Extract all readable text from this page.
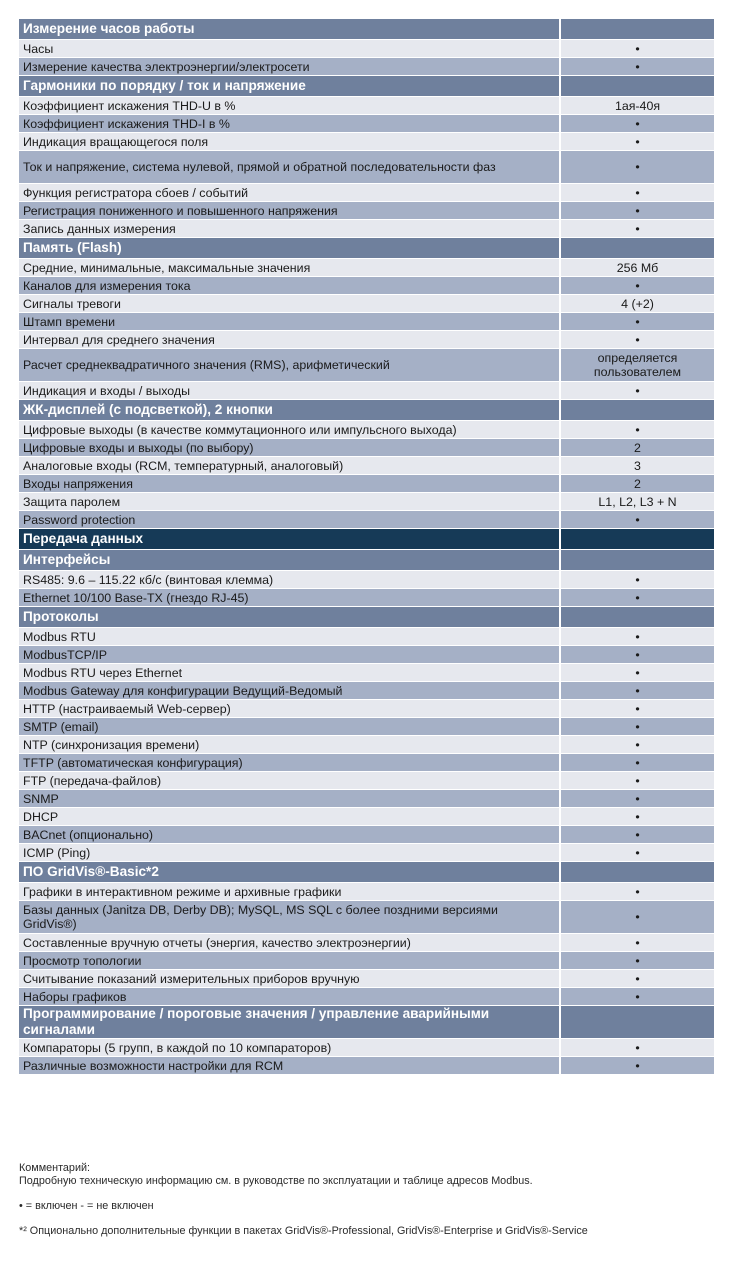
Измерение часов работы	
Часы	•
Измерение качества электроэнергии/электросети	•
Гармоники по порядку / ток и напряжение	
Коэффициент искажения THD-U в %	1ая-40я
Коэффициент искажения THD-I в %	•
Индикация вращающегося поля	•
Ток и напряжение, система нулевой, прямой и обратной последовательности фаз	•
Функция регистратора сбоев / событий	•
Регистрация пониженного и повышенного напряжения	•
Запись данных измерения	•
Память (Flash)	
Средние, минимальные, максимальные значения	256 Мб
Каналов для измерения тока	•
Сигналы тревоги	4 (+2)
Штамп времени	•
Интервал для среднего значения	•
Расчет среднеквадратичного значения (RMS), арифметический	определяется пользователем
Индикация и входы / выходы	•
ЖК-дисплей (с подсветкой), 2 кнопки	
Цифровые выходы (в качестве коммутационного или импульсного выхода)	•
Цифровые входы и выходы (по выбору)	2
Аналоговые входы (RCM, температурный, аналоговый)	3
Входы напряжения	2
Защита паролем	L1, L2, L3 + N
Password protection	•
Передача данных	
Интерфейсы	
RS485: 9.6 – 115.22 кб/с (винтовая клемма)	•
Ethernet 10/100 Base-TX (гнездо RJ-45)	•
Протоколы	
Modbus RTU	•
ModbusTCP/IP	•
Modbus RTU через Ethernet	•
Modbus Gateway для конфигурации Ведущий-Ведомый	•
HTTP (настраиваемый Web-сервер)	•
SMTP (email)	•
NTP (синхронизация времени)	•
TFTP (автоматическая конфигурация)	•
FTP (передача-файлов)	•
SNMP	•
DHCP	•
BACnet (опционально)	•
ICMP (Ping)	•
ПО GridVis®-Basic*2	
Графики в интерактивном режиме и архивные графики	•
Базы данных (Janitza DB, Derby DB); MySQL, MS SQL с более поздними версиями GridVis®)	•
Составленные вручную отчеты (энергия, качество электроэнергии)	•
Просмотр топологии	•
Считывание показаний измерительных приборов вручную	•
Наборы графиков	•
Программирование / пороговые значения / управление аварийными сигналами	
Компараторы (5 групп, в каждой по 10 компараторов)	•
Различные возможности настройки для RCM	•

Комментарий:

Подробную техническую информацию см. в руководстве по эксплуатации и таблице адресов Modbus.

• = включен - = не включен

*² Опционально дополнительные функции в пакетах GridVis®-Professional, GridVis®-Enterprise и GridVis®-Service
